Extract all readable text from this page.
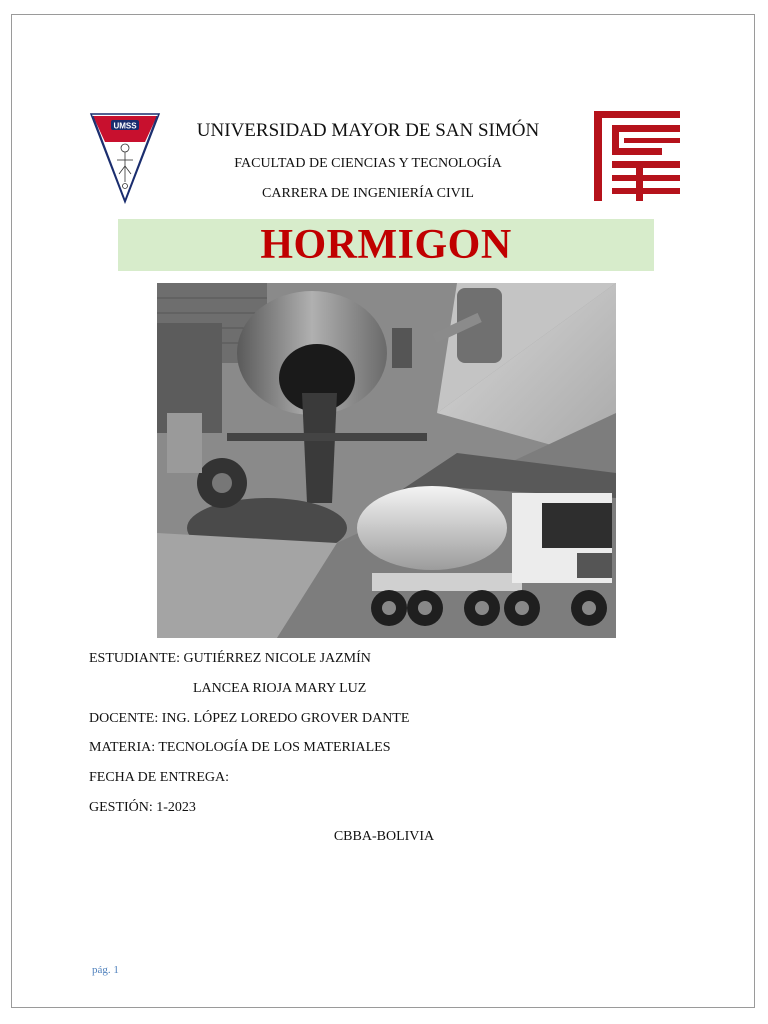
UMSS	UNIVERSIDAD MAYOR DE SAN SIMÓN
FACULTAD DE CIENCIAS Y TECNOLOGÍA
CARRERA DE INGENIERÍA CIVIL
HORMIGON
ESTUDIANTE: GUTIÉRREZ NICOLE JAZMÍN
LANCEA RIOJA MARY LUZ
DOCENTE: ING. LÓPEZ LOREDO GROVER DANTE
MATERIA: TECNOLOGÍA DE LOS MATERIALES
FECHA DE ENTREGA:
GESTIÓN: 1-2023
CBBA-BOLIVIA
pág. 1
